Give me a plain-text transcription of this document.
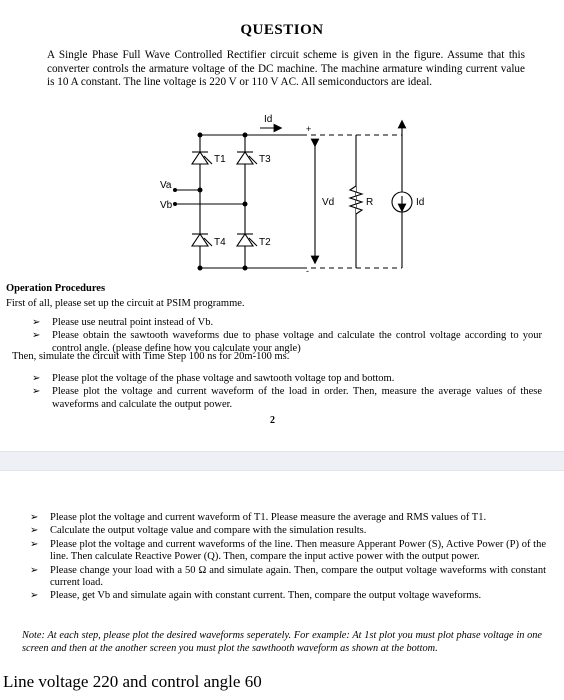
QUESTION
A Single Phase Full Wave Controlled Rectifier circuit scheme is given in the figure. Assume that this converter controls the armature voltage of the DC machine. The machine armature winding current value is 10 A constant. The line voltage is 220 V or 110 V AC. All semiconductors are ideal.
Id
+
-
Va
Vb
T1	T3
T4	T2
Vd	R	Id
Operation Procedures
First of all, please set up the circuit at PSIM programme.
➢ Please use neutral point instead of Vb.
➢ Please obtain the sawtooth waveforms due to phase voltage and calculate the control voltage according to your control angle. (please define how you calculate your angle)
Then, simulate the circuit with Time Step 100 ns for 20m-100 ms.
➢ Please plot the voltage of the phase voltage and sawtooth voltage top and bottom.
➢ Please plot the voltage and current waveform of the load in order. Then, measure the average values of these waveforms and calculate the output power.
2
➢ Please plot the voltage and current waveform of T1. Please measure the average and RMS values of T1.
➢ Calculate the output voltage value and compare with the simulation results.
➢ Please plot the voltage and current waveforms of the line. Then measure Apperant Power (S), Active Power (P) of the line. Then calculate Reactive Power (Q). Then, compare the input active power with the output power.
➢ Please change your load with a 50 Ω and simulate again. Then, compare the output voltage waveforms with constant current load.
➢ Please, get Vb and simulate again with constant current. Then, compare the output voltage waveforms.
Note: At each step, please plot the desired waveforms seperately. For example: At 1st plot you must plot phase voltage in one screen and then at the another screen you must plot the sawthooth waveform as shown at the bottom.
Line voltage 220 and control angle 60
